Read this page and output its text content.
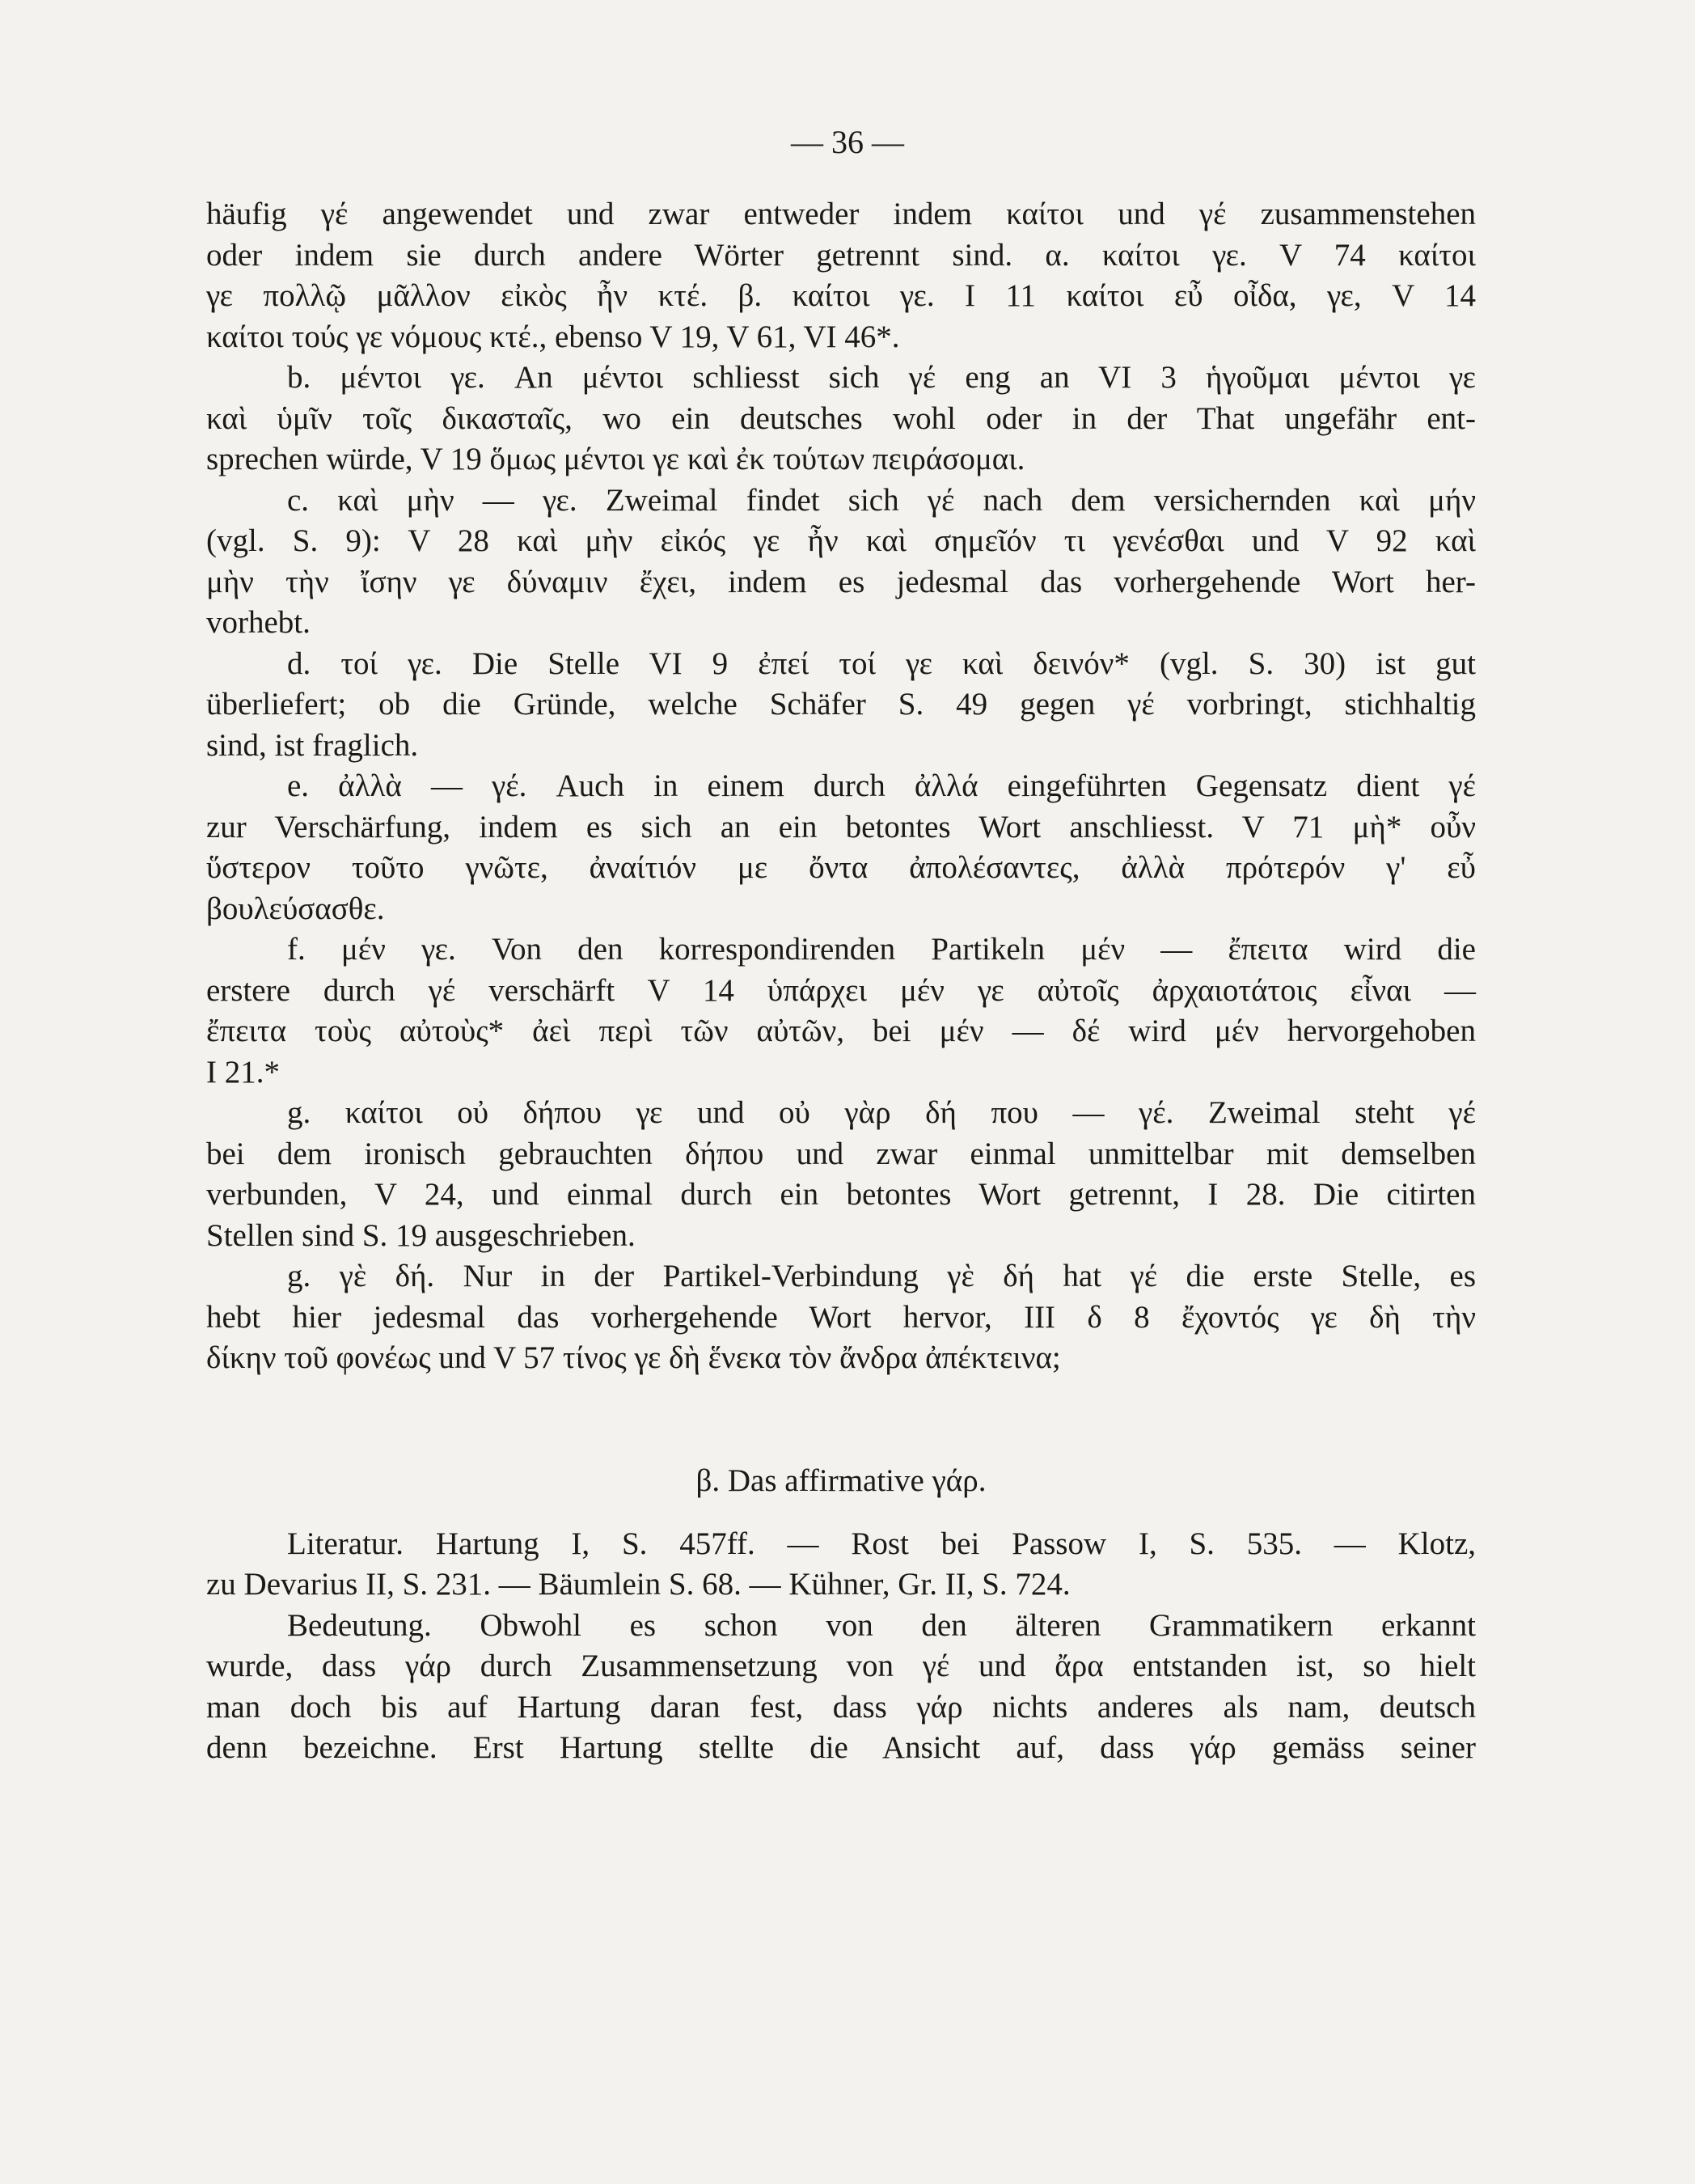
— 36 —
häufig γέ angewendet und zwar entweder indem καίτοι und γέ zusammenstehen
oder indem sie durch andere Wörter getrennt sind. α. καίτοι γε. V 74 καίτοι
γε πολλῷ μᾶλλον εἰκὸς ἦν κτέ. β. καίτοι γε. I 11 καίτοι εὖ οἶδα, γε, V 14
καίτοι τούς γε νόμους κτέ., ebenso V 19, V 61, VI 46*.
b. μέντοι γε. An μέντοι schliesst sich γέ eng an VI 3 ἡγοῦμαι μέντοι γε
καὶ ὑμῖν τοῖς δικασταῖς, wo ein deutsches wohl oder in der That ungefähr ent-
sprechen würde, V 19 ὅμως μέντοι γε καὶ ἐκ τούτων πειράσομαι.
c. καὶ μὴν — γε. Zweimal findet sich γέ nach dem versichernden καὶ μήν
(vgl. S. 9): V 28 καὶ μὴν εἰκός γε ἦν καὶ σημεῖόν τι γενέσθαι und V 92 καὶ
μὴν τὴν ἴσην γε δύναμιν ἔχει, indem es jedesmal das vorhergehende Wort her-
vorhebt.
d. τοί γε. Die Stelle VI 9 ἐπεί τοί γε καὶ δεινόν* (vgl. S. 30) ist gut
überliefert; ob die Gründe, welche Schäfer S. 49 gegen γέ vorbringt, stichhaltig
sind, ist fraglich.
e. ἀλλὰ — γέ. Auch in einem durch ἀλλά eingeführten Gegensatz dient γέ
zur Verschärfung, indem es sich an ein betontes Wort anschliesst. V 71 μὴ* οὖν
ὕστερον τοῦτο γνῶτε, ἀναίτιόν με ὄντα ἀπολέσαντες, ἀλλὰ πρότερόν γ' εὖ
βουλεύσασθε.
f. μέν γε. Von den korrespondirenden Partikeln μέν — ἔπειτα wird die
erstere durch γέ verschärft V 14 ὑπάρχει μέν γε αὐτοῖς ἀρχαιοτάτοις εἶναι —
ἔπειτα τοὺς αὐτοὺς* ἀεὶ περὶ τῶν αὐτῶν, bei μέν — δέ wird μέν hervorgehoben
I 21.*
g. καίτοι οὐ δήπου γε und οὐ γὰρ δή που — γέ. Zweimal steht γέ
bei dem ironisch gebrauchten δήπου und zwar einmal unmittelbar mit demselben
verbunden, V 24, und einmal durch ein betontes Wort getrennt, I 28. Die citirten
Stellen sind S. 19 ausgeschrieben.
g. γὲ δή. Nur in der Partikel-Verbindung γὲ δή hat γέ die erste Stelle, es
hebt hier jedesmal das vorhergehende Wort hervor, III δ 8 ἔχοντός γε δὴ τὴν
δίκην τοῦ φονέως und V 57 τίνος γε δὴ ἕνεκα τὸν ἄνδρα ἀπέκτεινα;
β. Das affirmative γάρ.
Literatur. Hartung I, S. 457ff. — Rost bei Passow I, S. 535. — Klotz,
zu Devarius II, S. 231. — Bäumlein S. 68. — Kühner, Gr. II, S. 724.
Bedeutung. Obwohl es schon von den älteren Grammatikern erkannt
wurde, dass γάρ durch Zusammensetzung von γέ und ἄρα entstanden ist, so hielt
man doch bis auf Hartung daran fest, dass γάρ nichts anderes als nam, deutsch
denn bezeichne. Erst Hartung stellte die Ansicht auf, dass γάρ gemäss seiner
